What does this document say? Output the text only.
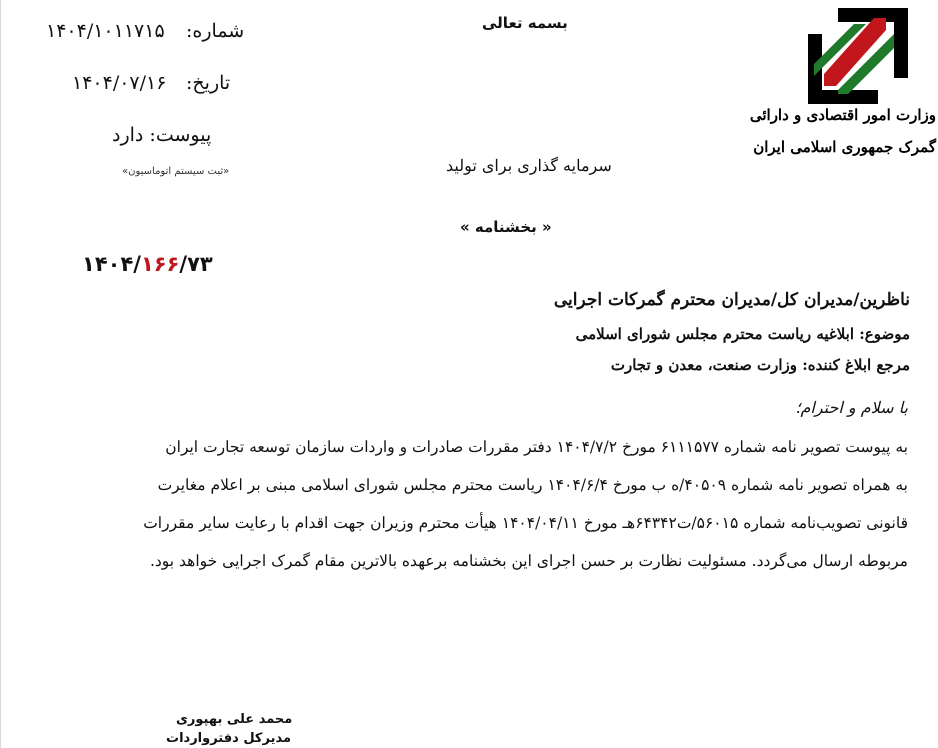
وزارت امور اقتصادی و دارائی
گمرک جمهوری اسلامی ایران
بسمه تعالی
شماره:
۱۴۰۴/۱۰۱۱۷۱۵
تاریخ:
۱۴۰۴/۰۷/۱۶
پیوست: دارد
«ثبت سیستم اتوماسیون»	سرمایه گذاری برای تولید
« بخشنامه »
۱۴۰۴/۱۶۶/۷۳
ناظرین/مدیران کل/مدیران محترم گمرکات اجرایی
موضوع: ابلاغیه ریاست محترم مجلس شورای اسلامی
مرجع ابلاغ کننده: وزارت صنعت، معدن و تجارت
با سلام و احترام؛
به پیوست تصویر نامه شماره ۶۱۱۱۵۷۷ مورخ ۱۴۰۴/۷/۲ دفتر مقررات صادرات و واردات سازمان توسعه تجارت ایران
به همراه تصویر نامه شماره ۴۰۵۰۹/ه ب مورخ ۱۴۰۴/۶/۴ ریاست محترم مجلس شورای اسلامی مبنی بر اعلام مغایرت
قانونی تصویب‌نامه شماره ۵۶۰۱۵/ت۶۴۳۴۲هـ مورخ ۱۴۰۴/۰۴/۱۱ هیأت محترم وزیران جهت اقدام با رعایت سایر مقررات
مربوطه ارسال می‌گردد. مسئولیت نظارت بر حسن اجرای این بخشنامه برعهده بالاترین مقام گمرک اجرایی خواهد بود.
محمد علی بهپوری
مدیرکل دفترواردات
